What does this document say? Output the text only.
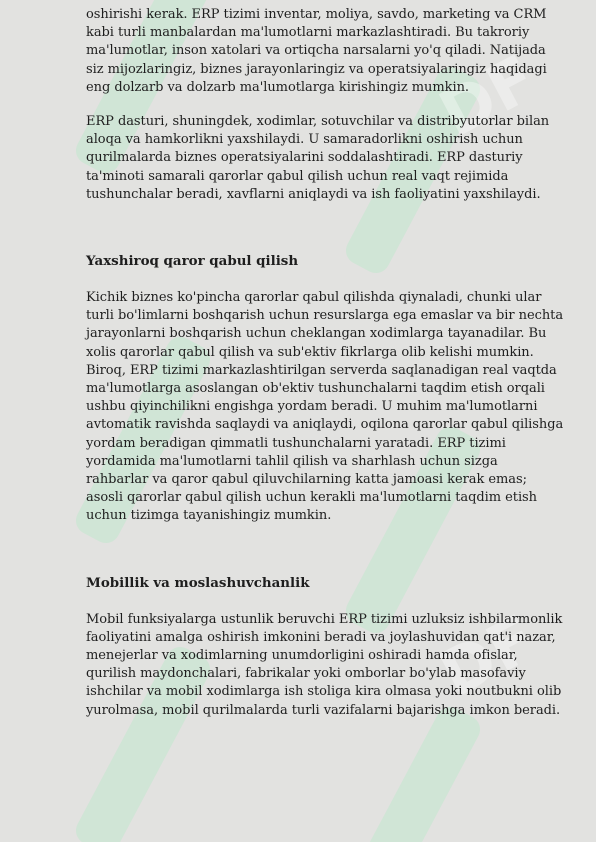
DF
DF

oshirishi kerak. ERP tizimi inventar, moliya, savdo, marketing va CRM kabi turli manbalardan ma'lumotlarni markazlashtiradi. Bu takroriy ma'lumotlar, inson xatolari va ortiqcha narsalarni yo'q qiladi. Natijada siz mijozlaringiz, biznes jarayonlaringiz va operatsiyalaringiz haqidagi eng dolzarb va dolzarb ma'lumotlarga kirishingiz mumkin.

ERP dasturi, shuningdek, xodimlar, sotuvchilar va distribyutorlar bilan aloqa va hamkorlikni yaxshilaydi. U samaradorlikni oshirish uchun qurilmalarda biznes operatsiyalarini soddalashtiradi. ERP dasturiy ta'minoti samarali qarorlar qabul qilish uchun real vaqt rejimida tushunchalar beradi, xavflarni aniqlaydi va ish faoliyatini yaxshilaydi.

Yaxshiroq qaror qabul qilish

Kichik biznes ko'pincha qarorlar qabul qilishda qiynaladi, chunki ular turli bo'limlarni boshqarish uchun resurslarga ega emaslar va bir nechta jarayonlarni boshqarish uchun cheklangan xodimlarga tayanadilar. Bu xolis qarorlar qabul qilish va sub'ektiv fikrlarga olib kelishi mumkin. Biroq, ERP tizimi markazlashtirilgan serverda saqlanadigan real vaqtda ma'lumotlarga asoslangan ob'ektiv tushunchalarni taqdim etish orqali ushbu qiyinchilikni engishga yordam beradi. U muhim ma'lumotlarni avtomatik ravishda saqlaydi va aniqlaydi, oqilona qarorlar qabul qilishga yordam beradigan qimmatli tushunchalarni yaratadi. ERP tizimi yordamida ma'lumotlarni tahlil qilish va sharhlash uchun sizga rahbarlar va qaror qabul qiluvchilarning katta jamoasi kerak emas; asosli qarorlar qabul qilish uchun kerakli ma'lumotlarni taqdim etish uchun tizimga tayanishingiz mumkin.

Mobillik va moslashuvchanlik

Mobil funksiyalarga ustunlik beruvchi ERP tizimi uzluksiz ishbilarmonlik faoliyatini amalga oshirish imkonini beradi va joylashuvidan qat'i nazar, menejerlar va xodimlarning unumdorligini oshiradi hamda ofislar, qurilish maydonchalari, fabrikalar yoki omborlar bo'ylab masofaviy ishchilar va mobil xodimlarga ish stoliga kira olmasa yoki noutbukni olib yurolmasa, mobil qurilmalarda turli vazifalarni bajarishga imkon beradi.
